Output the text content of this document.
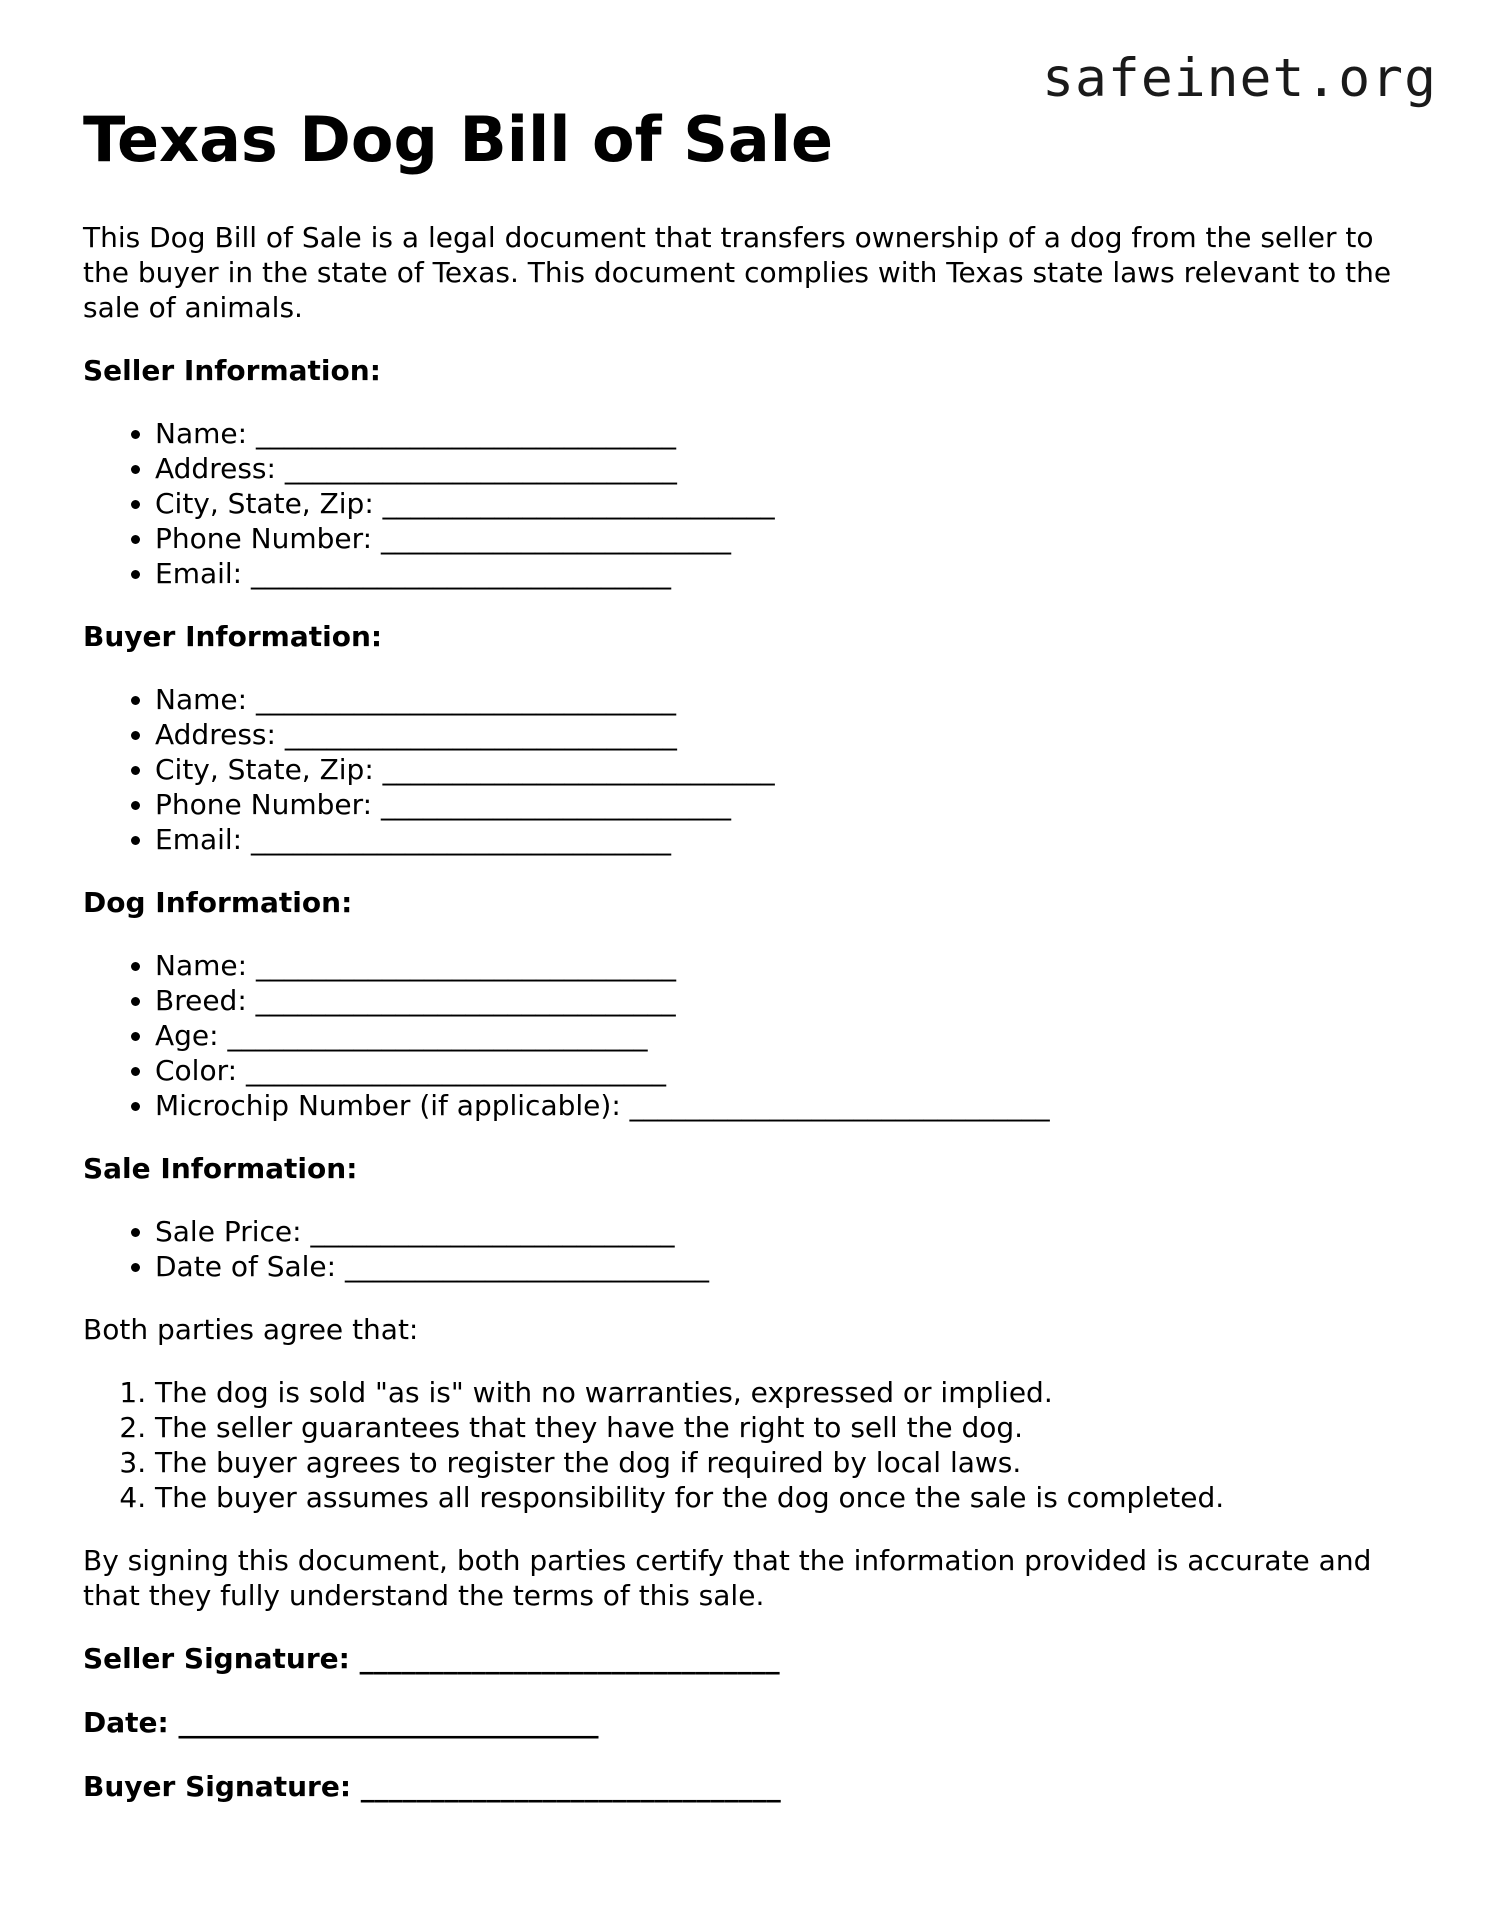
safeinet.org
Texas Dog Bill of Sale

This Dog Bill of Sale is a legal document that transfers ownership of a dog from the seller to the buyer in the state of Texas. This document complies with Texas state laws relevant to the sale of animals.

Seller Information:
• Name: ______________________________
• Address: ____________________________
• City, State, Zip: ____________________________
• Phone Number: _________________________
• Email: ______________________________
Buyer Information:
• Name: ______________________________
• Address: ____________________________
• City, State, Zip: ____________________________
• Phone Number: _________________________
• Email: ______________________________
Dog Information:
• Name: ______________________________
• Breed: ______________________________
• Age: ______________________________
• Color: ______________________________
• Microchip Number (if applicable): ______________________________
Sale Information:
• Sale Price: __________________________
• Date of Sale: __________________________

Both parties agree that:

1. The dog is sold "as is" with no warranties, expressed or implied.
2. The seller guarantees that they have the right to sell the dog.
3. The buyer agrees to register the dog if required by local laws.
4. The buyer assumes all responsibility for the dog once the sale is completed.

By signing this document, both parties certify that the information provided is accurate and that they fully understand the terms of this sale.

Seller Signature: ______________________________
Date: ______________________________
Buyer Signature: ______________________________
